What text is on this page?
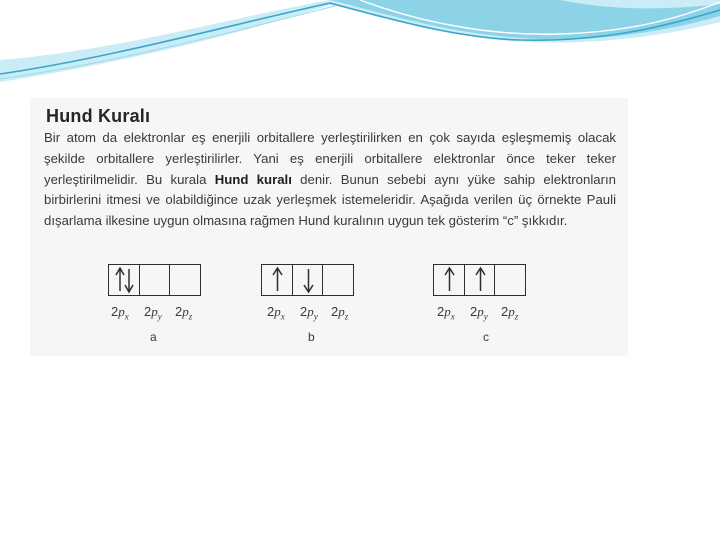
Hund Kuralı
Bir atom da elektronlar eş enerjili orbitallere yerleştirilirken en çok sayıda eşleşmemiş olacak şekilde orbitallere yerleştirilirler. Yani eş enerjili orbitallere elektronlar önce teker teker yerleştirilmelidir. Bu kurala Hund kuralı denir. Bunun sebebi aynı yüke sahip elektronların birbirlerini itmesi ve olabildiğince uzak yerleşmek istemeleridir. Aşağıda verilen üç örnekte Pauli dışarlama ilkesine uygun olmasına rağmen Hund kuralının uygun tek gösterim “c” şıkkıdır.
$2p_x$ $2p_y$ $2p_z$
a
$2p_x$ $2p_y$ $2p_z$
b
$2p_x$ $2p_y$ $2p_z$
c
